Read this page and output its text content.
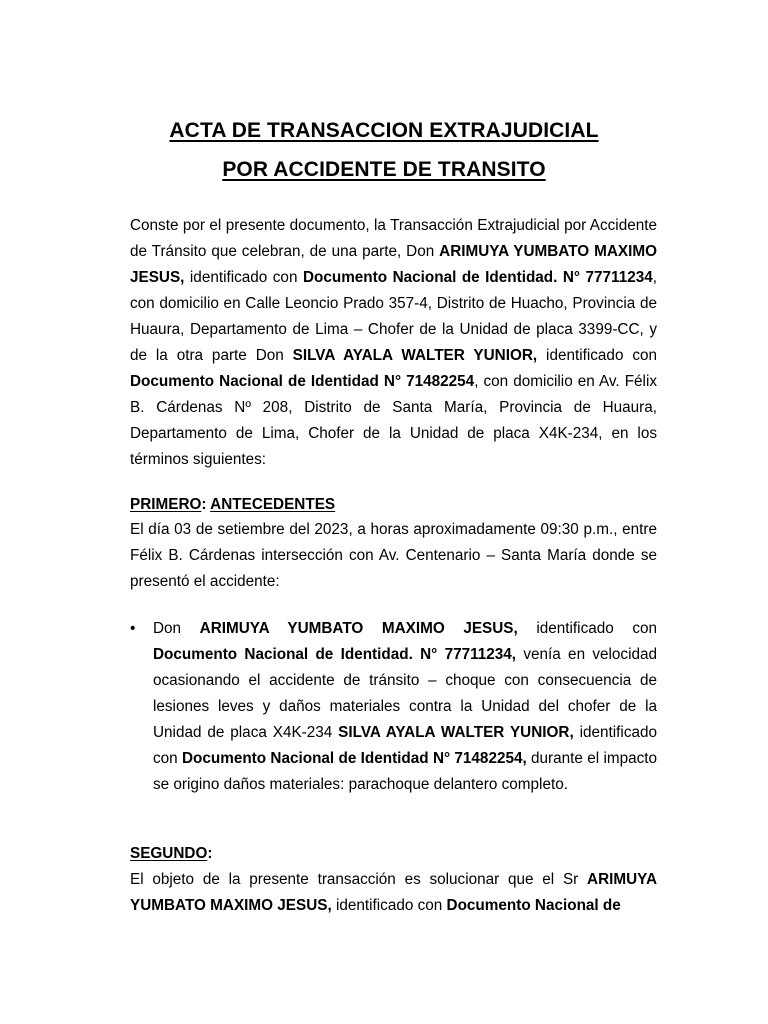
ACTA DE TRANSACCION EXTRAJUDICIAL
POR ACCIDENTE DE TRANSITO

Conste por el presente documento, la Transacción Extrajudicial por Accidente de Tránsito que celebran, de una parte, Don ARIMUYA YUMBATO MAXIMO JESUS, identificado con Documento Nacional de Identidad. N° 77711234, con domicilio en Calle Leoncio Prado 357-4, Distrito de Huacho, Provincia de Huaura, Departamento de Lima – Chofer de la Unidad de placa 3399-CC, y de la otra parte Don SILVA AYALA WALTER YUNIOR, identificado con Documento Nacional de Identidad N° 71482254, con domicilio en Av. Félix B. Cárdenas Nº 208, Distrito de Santa María, Provincia de Huaura, Departamento de Lima, Chofer de la Unidad de placa X4K-234, en los términos siguientes:

PRIMERO: ANTECEDENTES

El día 03 de setiembre del 2023, a horas aproximadamente 09:30 p.m., entre Félix B. Cárdenas intersección con Av. Centenario – Santa María donde se presentó el accidente:

• Don ARIMUYA YUMBATO MAXIMO JESUS, identificado con Documento Nacional de Identidad. N° 77711234, venía en velocidad ocasionando el accidente de tránsito – choque con consecuencia de lesiones leves y daños materiales contra la Unidad del chofer de la Unidad de placa X4K-234 SILVA AYALA WALTER YUNIOR, identificado con Documento Nacional de Identidad N° 71482254, durante el impacto se origino daños materiales: parachoque delantero completo.

SEGUNDO:

El objeto de la presente transacción es solucionar que el Sr ARIMUYA YUMBATO MAXIMO JESUS, identificado con Documento Nacional de
